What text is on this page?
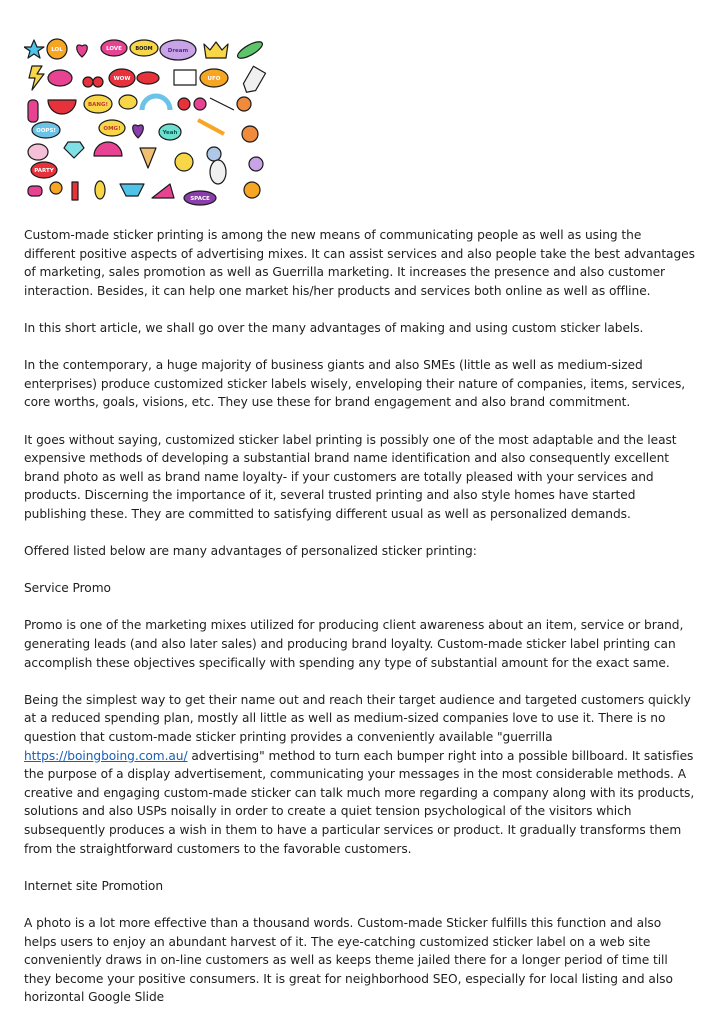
LOL	LOVE	Dream
WOW	UFO
BANG!
OOPS!	OMG!
Yeah
PARTY
SPACE
BOOM

Custom-made sticker printing is among the new means of communicating people as well as using the different positive aspects of advertising mixes. It can assist services and also people take the best advantages of marketing, sales promotion as well as Guerrilla marketing. It increases the presence and also customer interaction. Besides, it can help one market his/her products and services both online as well as offline.

In this short article, we shall go over the many advantages of making and using custom sticker labels.

In the contemporary, a huge majority of business giants and also SMEs (little as well as medium-sized enterprises) produce customized sticker labels wisely, enveloping their nature of companies, items, services, core worths, goals, visions, etc. They use these for brand engagement and also brand commitment.

It goes without saying, customized sticker label printing is possibly one of the most adaptable and the least expensive methods of developing a substantial brand name identification and also consequently excellent brand photo as well as brand name loyalty- if your customers are totally pleased with your services and products. Discerning the importance of it, several trusted printing and also style homes have started publishing these. They are committed to satisfying different usual as well as personalized demands.

Offered listed below are many advantages of personalized sticker printing:

Service Promo

Promo is one of the marketing mixes utilized for producing client awareness about an item, service or brand, generating leads (and also later sales) and producing brand loyalty. Custom-made sticker label printing can accomplish these objectives specifically with spending any type of substantial amount for the exact same.

Being the simplest way to get their name out and reach their target audience and targeted customers quickly at a reduced spending plan, mostly all little as well as medium-sized companies love to use it. There is no question that custom-made sticker printing provides a conveniently available "guerrilla https://boingboing.com.au/ advertising" method to turn each bumper right into a possible billboard. It satisfies the purpose of a display advertisement, communicating your messages in the most considerable methods. A creative and engaging custom-made sticker can talk much more regarding a company along with its products, solutions and also USPs noisally in order to create a quiet tension psychological of the visitors which subsequently produces a wish in them to have a particular services or product. It gradually transforms them from the straightforward customers to the favorable customers.

Internet site Promotion

A photo is a lot more effective than a thousand words. Custom-made Sticker fulfills this function and also helps users to enjoy an abundant harvest of it. The eye-catching customized sticker label on a web site conveniently draws in on-line customers as well as keeps theme jailed there for a longer period of time till they become your positive consumers. It is great for neighborhood SEO, especially for local listing and also horizontal Google Slide
